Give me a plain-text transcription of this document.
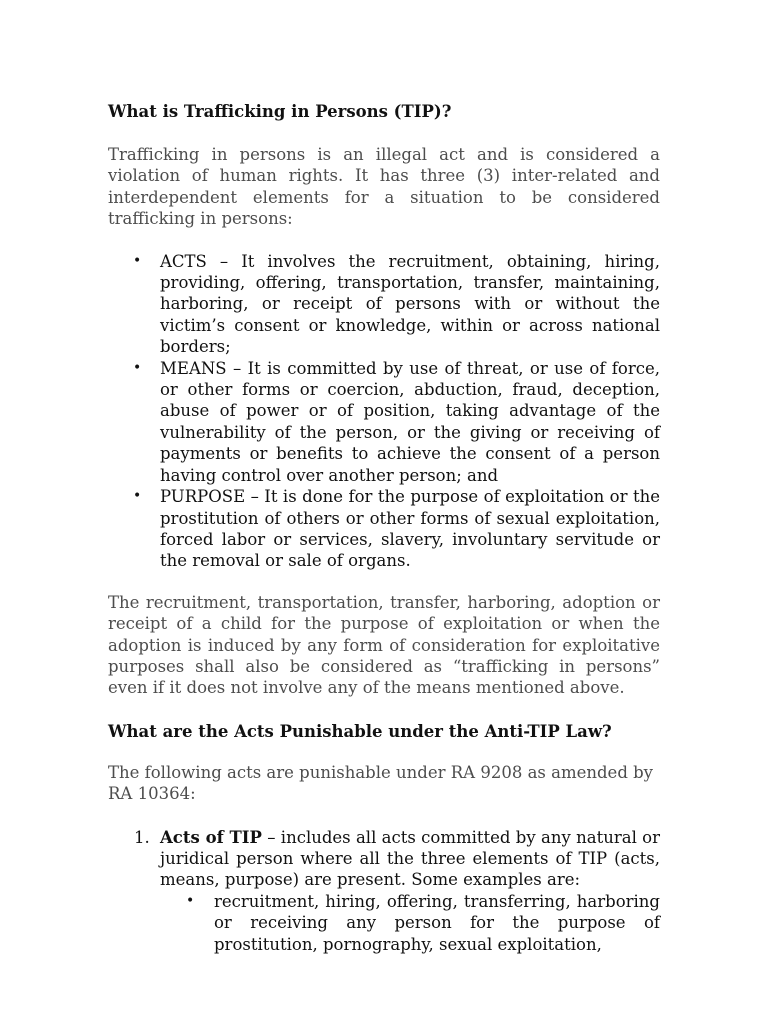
What is Trafficking in Persons (TIP)?

Trafficking in persons is an illegal act and is considered a violation of human rights. It has three (3) inter-related and interdependent elements for a situation to be considered trafficking in persons:

• ACTS – It involves the recruitment, obtaining, hiring, providing, offering, transportation, transfer, maintaining, harboring, or receipt of persons with or without the victim’s consent or knowledge, within or across national borders;
• MEANS – It is committed by use of threat, or use of force, or other forms or coercion, abduction, fraud, deception, abuse of power or of position, taking advantage of the vulnerability of the person, or the giving or receiving of payments or benefits to achieve the consent of a person having control over another person; and
• PURPOSE – It is done for the purpose of exploitation or the prostitution of others or other forms of sexual exploitation, forced labor or services, slavery, involuntary servitude or the removal or sale of organs.

The recruitment, transportation, transfer, harboring, adoption or receipt of a child for the purpose of exploitation or when the adoption is induced by any form of consideration for exploitative purposes shall also be considered as “trafficking in persons” even if it does not involve any of the means mentioned above.

What are the Acts Punishable under the Anti-TIP Law?

The following acts are punishable under RA 9208 as amended by RA 10364:

1. Acts of TIP – includes all acts committed by any natural or juridical person where all the three elements of TIP (acts, means, purpose) are present. Some examples are:
• recruitment, hiring, offering, transferring, harboring or receiving any person for the purpose of prostitution, pornography, sexual exploitation,
